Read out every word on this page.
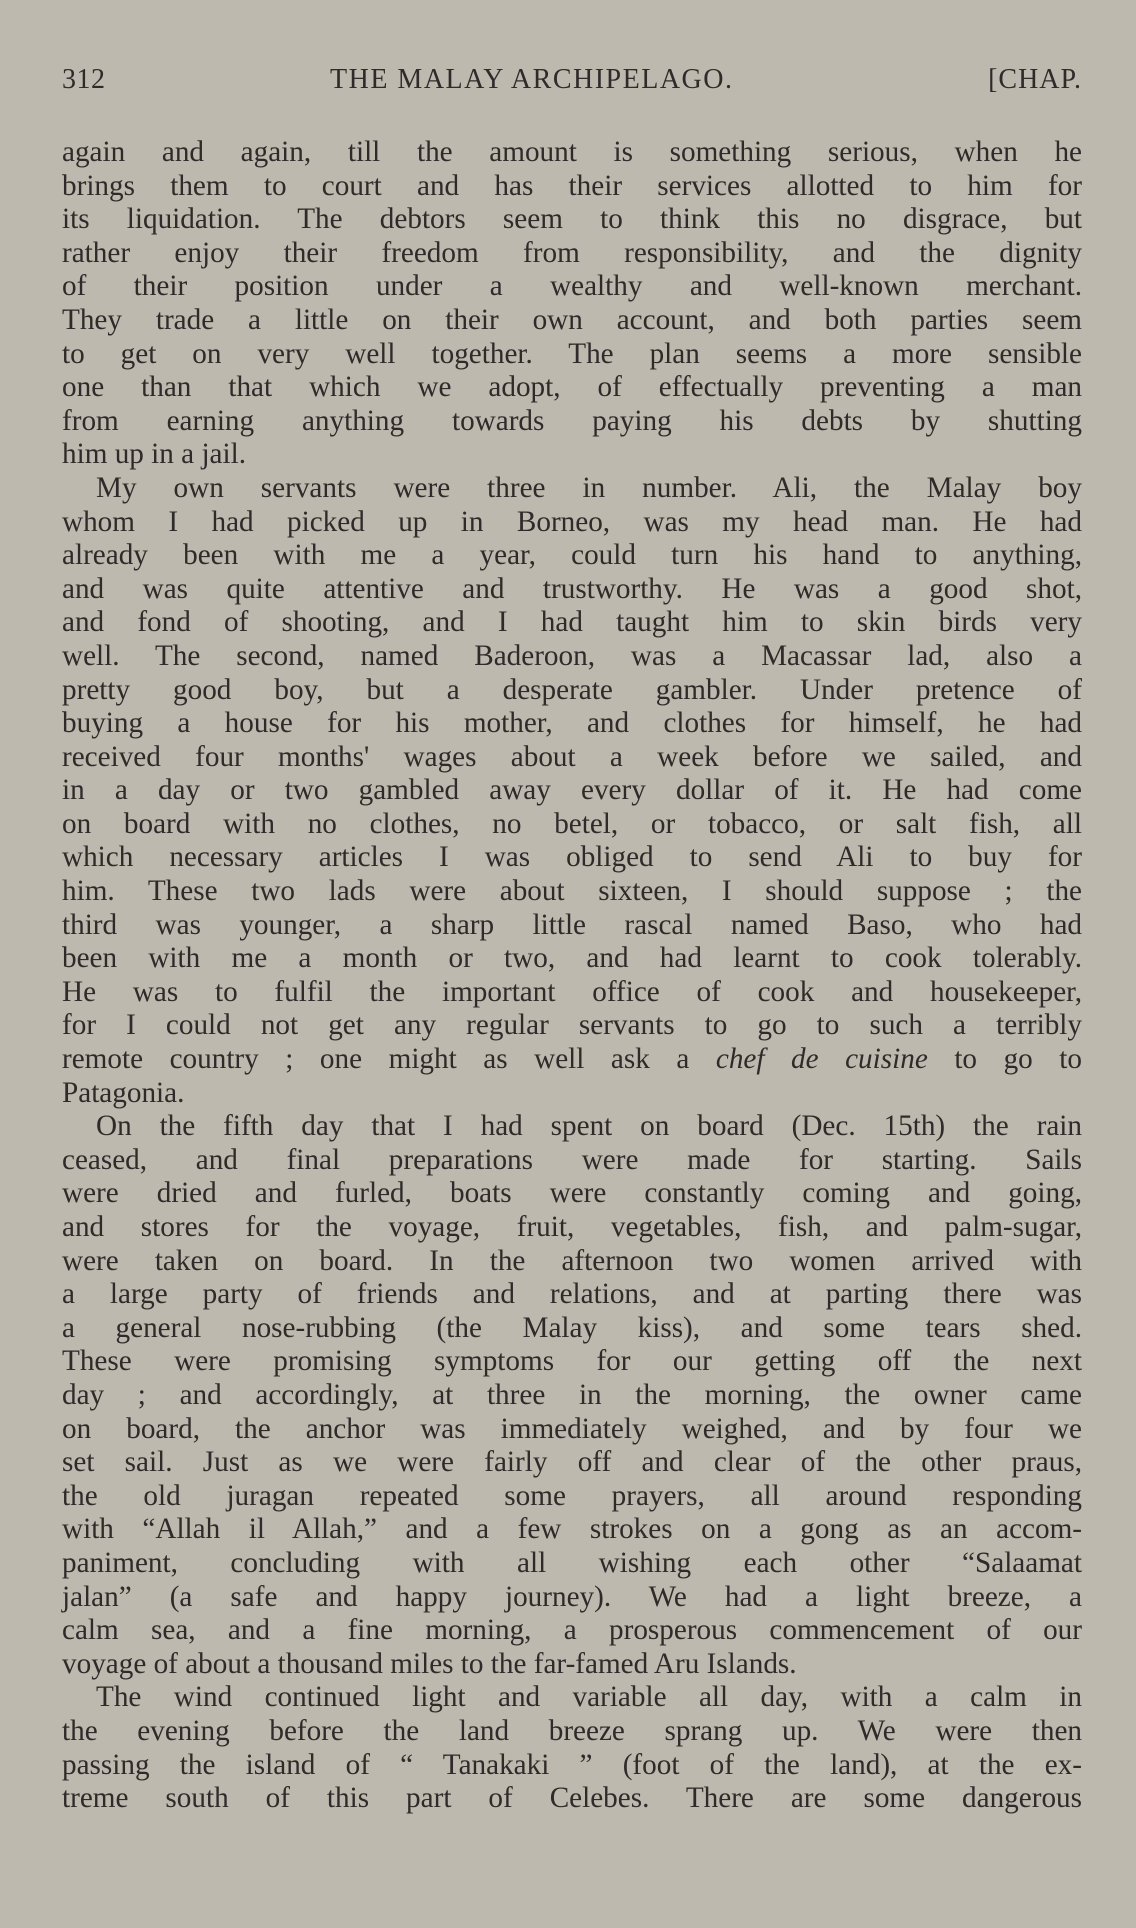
312	THE MALAY ARCHIPELAGO.	[CHAP.
again and again, till the amount is something serious, when he
brings them to court and has their services allotted to him for
its liquidation. The debtors seem to think this no disgrace, but
rather enjoy their freedom from responsibility, and the dignity
of their position under a wealthy and well-known merchant.
They trade a little on their own account, and both parties seem
to get on very well together. The plan seems a more sensible
one than that which we adopt, of effectually preventing a man
from earning anything towards paying his debts by shutting
him up in a jail.
My own servants were three in number. Ali, the Malay boy
whom I had picked up in Borneo, was my head man. He had
already been with me a year, could turn his hand to anything,
and was quite attentive and trustworthy. He was a good shot,
and fond of shooting, and I had taught him to skin birds very
well. The second, named Baderoon, was a Macassar lad, also a
pretty good boy, but a desperate gambler. Under pretence of
buying a house for his mother, and clothes for himself, he had
received four months' wages about a week before we sailed, and
in a day or two gambled away every dollar of it. He had come
on board with no clothes, no betel, or tobacco, or salt fish, all
which necessary articles I was obliged to send Ali to buy for
him. These two lads were about sixteen, I should suppose ; the
third was younger, a sharp little rascal named Baso, who had
been with me a month or two, and had learnt to cook tolerably.
He was to fulfil the important office of cook and housekeeper,
for I could not get any regular servants to go to such a terribly
remote country ; one might as well ask a chef de cuisine to go to
Patagonia.
On the fifth day that I had spent on board (Dec. 15th) the rain
ceased, and final preparations were made for starting. Sails
were dried and furled, boats were constantly coming and going,
and stores for the voyage, fruit, vegetables, fish, and palm-sugar,
were taken on board. In the afternoon two women arrived with
a large party of friends and relations, and at parting there was
a general nose-rubbing (the Malay kiss), and some tears shed.
These were promising symptoms for our getting off the next
day ; and accordingly, at three in the morning, the owner came
on board, the anchor was immediately weighed, and by four we
set sail. Just as we were fairly off and clear of the other praus,
the old juragan repeated some prayers, all around responding
with “Allah il Allah,” and a few strokes on a gong as an accom-
paniment, concluding with all wishing each other “Salaamat
jalan” (a safe and happy journey). We had a light breeze, a
calm sea, and a fine morning, a prosperous commencement of our
voyage of about a thousand miles to the far-famed Aru Islands.
The wind continued light and variable all day, with a calm in
the evening before the land breeze sprang up. We were then
passing the island of “ Tanakaki ” (foot of the land), at the ex-
treme south of this part of Celebes. There are some dangerous
